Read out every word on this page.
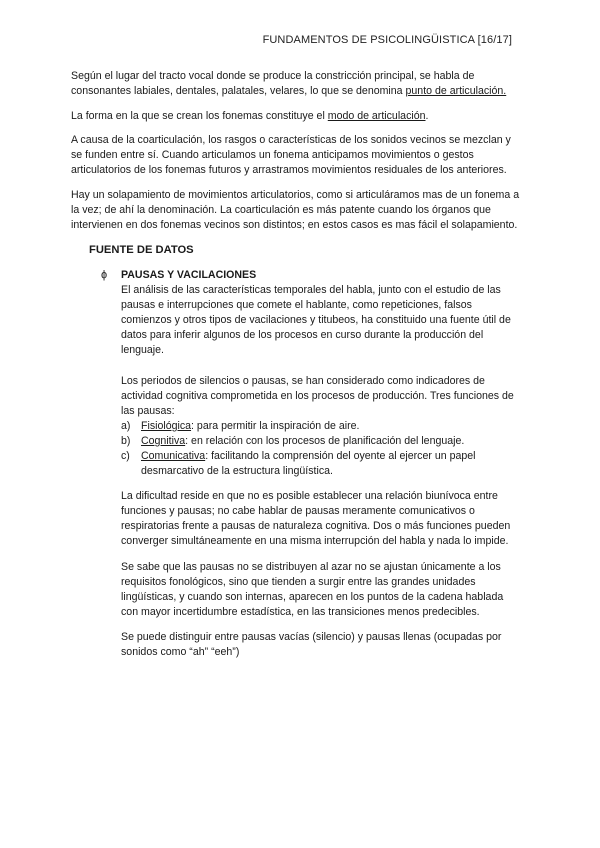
FUNDAMENTOS DE PSICOLINGÜISTICA [16/17]

Según el lugar del tracto vocal donde se produce la constricción principal, se habla de consonantes labiales, dentales, palatales, velares, lo que se denomina punto de articulación.

La forma en la que se crean los fonemas constituye el modo de articulación.

A causa de la coarticulación, los rasgos o características de los sonidos vecinos se mezclan y se funden entre sí. Cuando articulamos un fonema anticipamos movimientos o gestos articulatorios de los fonemas futuros y arrastramos movimientos residuales de los anteriores.

Hay un solapamiento de movimientos articulatorios, como si articuláramos mas de un fonema a la vez; de ahí la denominación. La coarticulación es más patente cuando los órganos que intervienen en dos fonemas vecinos son distintos; en estos casos es mas fácil el solapamiento.

FUENTE DE DATOS
ɸ PAUSAS Y VACILACIONES

El análisis de las características temporales del habla, junto con el estudio de las pausas e interrupciones que comete el hablante, como repeticiones, falsos comienzos y otros tipos de vacilaciones y titubeos, ha constituido una fuente útil de datos para inferir algunos de los procesos en curso durante la producción del lenguaje.

Los periodos de silencios o pausas, se han considerado como indicadores de actividad cognitiva comprometida en los procesos de producción. Tres funciones de las pausas:

a) Fisiológica: para permitir la inspiración de aire.
b) Cognitiva: en relación con los procesos de planificación del lenguaje.
c) Comunicativa: facilitando la comprensión del oyente al ejercer un papel desmarcativo de la estructura lingüística.

La dificultad reside en que no es posible establecer una relación biunívoca entre funciones y pausas; no cabe hablar de pausas meramente comunicativos o respiratorias frente a pausas de naturaleza cognitiva. Dos o más funciones pueden converger simultáneamente en una misma interrupción del habla y nada lo impide.

Se sabe que las pausas no se distribuyen al azar no se ajustan únicamente a los requisitos fonológicos, sino que tienden a surgir entre las grandes unidades lingüísticas, y cuando son internas, aparecen en los puntos de la cadena hablada con mayor incertidumbre estadística, en las transiciones menos predecibles.

Se puede distinguir entre pausas vacías (silencio) y pausas llenas (ocupadas por sonidos como “ah” “eeh”)
